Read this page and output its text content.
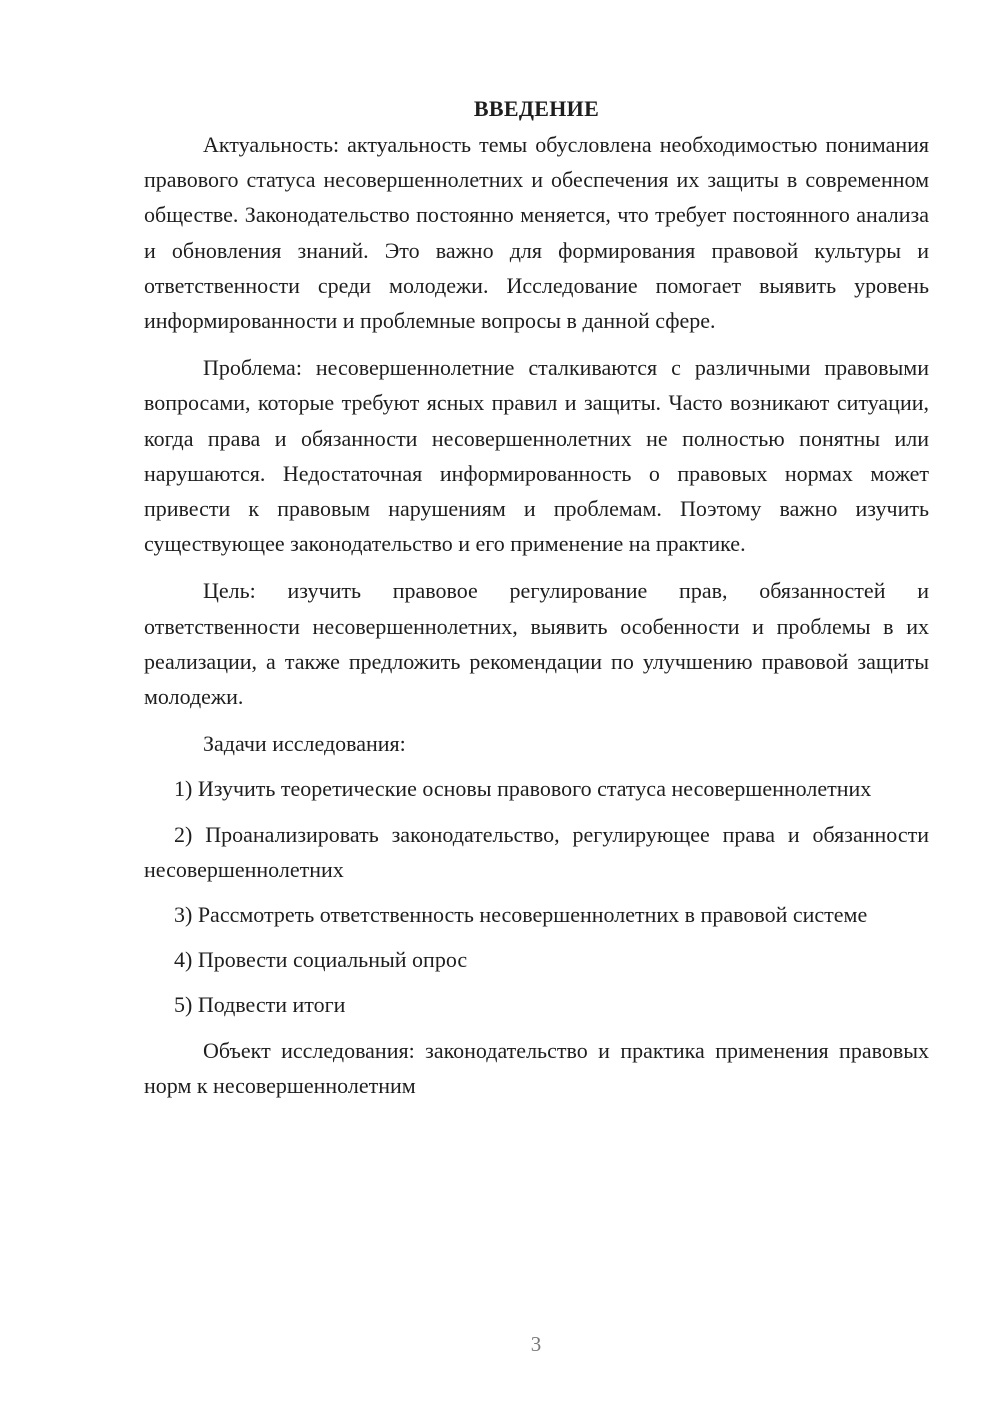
ВВЕДЕНИЕ

Актуальность: актуальность темы обусловлена необходимостью понимания правового статуса несовершеннолетних и обеспечения их защиты в современном обществе. Законодательство постоянно меняется, что требует постоянного анализа и обновления знаний. Это важно для формирования правовой культуры и ответственности среди молодежи. Исследование помогает выявить уровень информированности и проблемные вопросы в данной сфере.

Проблема: несовершеннолетние сталкиваются с различными правовыми вопросами, которые требуют ясных правил и защиты. Часто возникают ситуации, когда права и обязанности несовершеннолетних не полностью понятны или нарушаются. Недостаточная информированность о правовых нормах может привести к правовым нарушениям и проблемам. Поэтому важно изучить существующее законодательство и его применение на практике.

Цель: изучить правовое регулирование прав, обязанностей и ответственности несовершеннолетних, выявить особенности и проблемы в их реализации, а также предложить рекомендации по улучшению правовой защиты молодежи.

Задачи исследования:

1) Изучить теоретические основы правового статуса несовершеннолетних

2) Проанализировать законодательство, регулирующее права и обязанности несовершеннолетних

3) Рассмотреть ответственность несовершеннолетних в правовой системе

4) Провести социальный опрос

5) Подвести итоги

Объект исследования: законодательство и практика применения правовых норм к несовершеннолетним

3
